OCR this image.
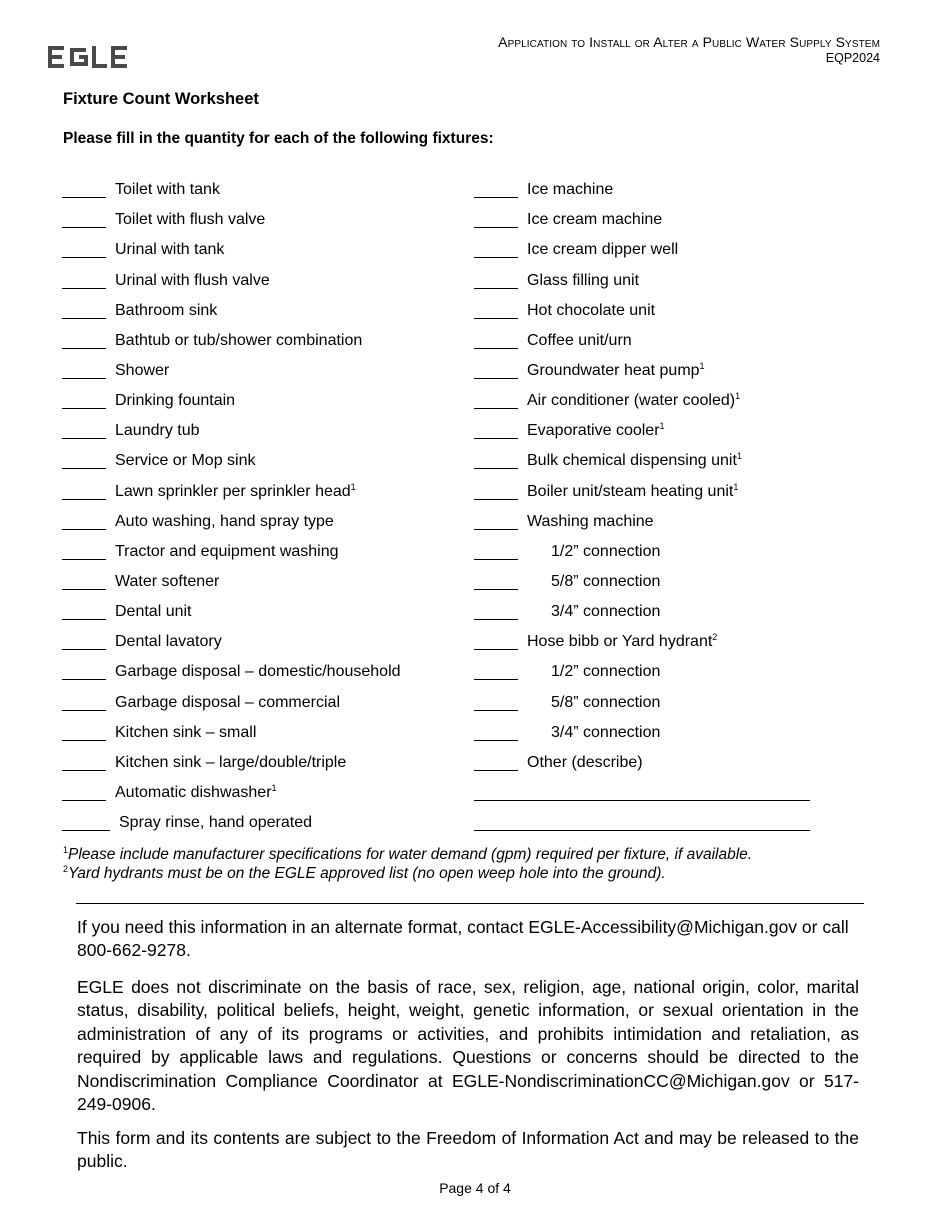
Application to Install or Alter a Public Water Supply System
EQP2024
Fixture Count Worksheet
Please fill in the quantity for each of the following fixtures:
Toilet with tank
Toilet with flush valve
Urinal with tank
Urinal with flush valve
Bathroom sink
Bathtub or tub/shower combination
Shower
Drinking fountain
Laundry tub
Service or Mop sink
Lawn sprinkler per sprinkler head$^1$
Auto washing, hand spray type
Tractor and equipment washing
Water softener
Dental unit
Dental lavatory
Garbage disposal – domestic/household
Garbage disposal – commercial
Kitchen sink – small
Kitchen sink – large/double/triple
Automatic dishwasher$^1$
Spray rinse, hand operated
Ice machine
Ice cream machine
Ice cream dipper well
Glass filling unit
Hot chocolate unit
Coffee unit/urn
Groundwater heat pump$^1$
Air conditioner (water cooled)$^1$
Evaporative cooler$^1$
Bulk chemical dispensing unit$^1$
Boiler unit/steam heating unit$^1$
Washing machine
1/2” connection
5/8” connection
3/4” connection
Hose bibb or Yard hydrant$^2$
1/2” connection
5/8” connection
3/4” connection
Other (describe)
$^1$Please include manufacturer specifications for water demand (gpm) required per fixture, if available.
$^2$Yard hydrants must be on the EGLE approved list (no open weep hole into the ground).

If you need this information in an alternate format, contact EGLE-Accessibility@Michigan.gov or call 800-662-9278.

EGLE does not discriminate on the basis of race, sex, religion, age, national origin, color, marital status, disability, political beliefs, height, weight, genetic information, or sexual orientation in the administration of any of its programs or activities, and prohibits intimidation and retaliation, as required by applicable laws and regulations. Questions or concerns should be directed to the Nondiscrimination Compliance Coordinator at EGLE-NondiscriminationCC@Michigan.gov or 517-249-0906.

This form and its contents are subject to the Freedom of Information Act and may be released to the public.

Page 4 of 4
